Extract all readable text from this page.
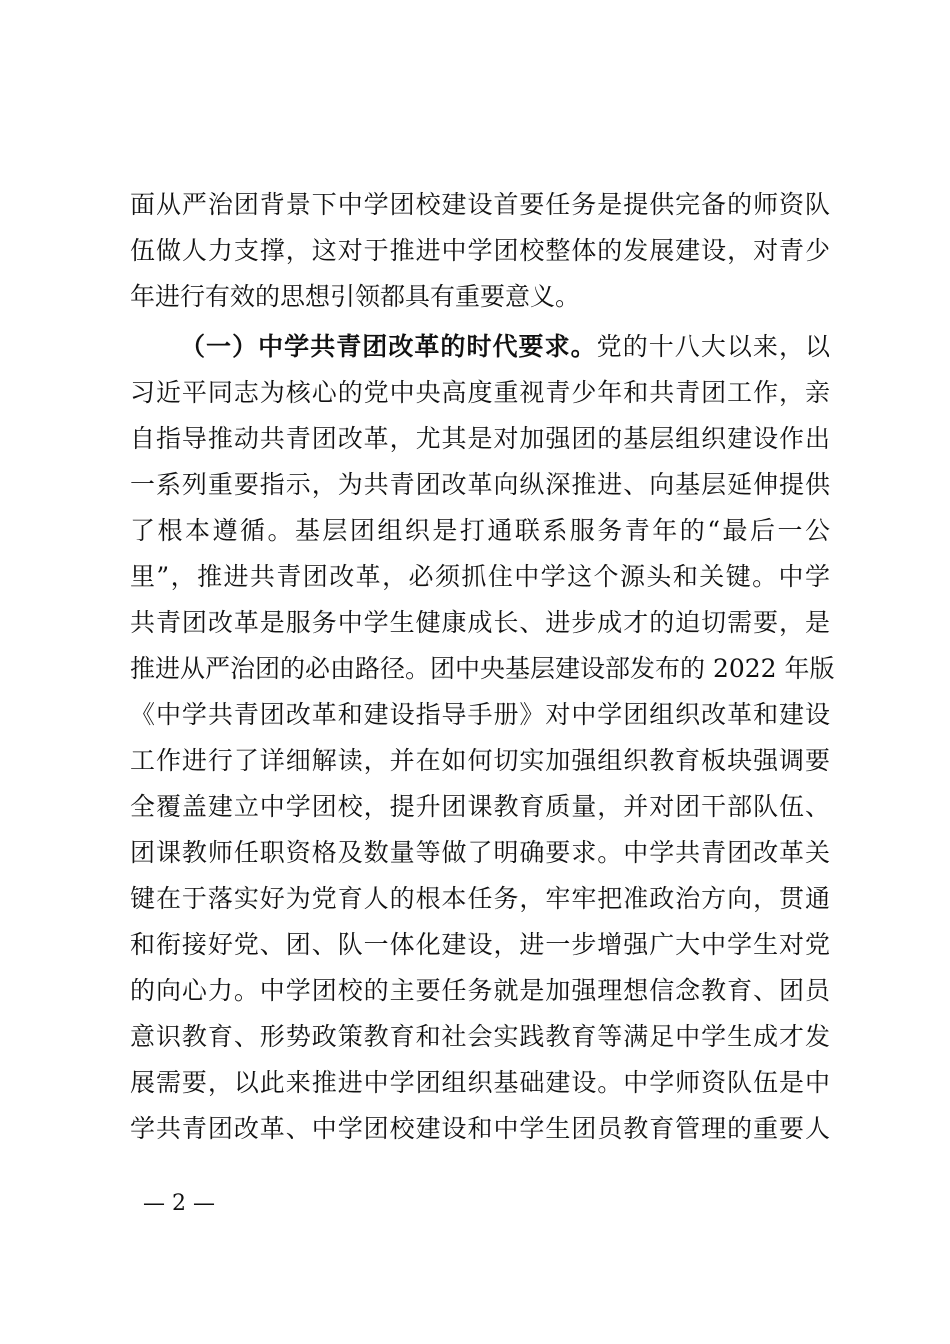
面从严治团背景下中学团校建设首要任务是提供完备的师资队
伍做人力支撑，这对于推进中学团校整体的发展建设，对青少
年进行有效的思想引领都具有重要意义。
（一）中学共青团改革的时代要求。党的十八大以来，以
习近平同志为核心的党中央高度重视青少年和共青团工作，亲
自指导推动共青团改革，尤其是对加强团的基层组织建设作出
一系列重要指示，为共青团改革向纵深推进、向基层延伸提供
了根本遵循。基层团组织是打通联系服务青年的“最后一公
里”，推进共青团改革，必须抓住中学这个源头和关键。中学
共青团改革是服务中学生健康成长、进步成才的迫切需要，是
推进从严治团的必由路径。团中央基层建设部发布的 2022 年版
《中学共青团改革和建设指导手册》对中学团组织改革和建设
工作进行了详细解读，并在如何切实加强组织教育板块强调要
全覆盖建立中学团校，提升团课教育质量，并对团干部队伍、
团课教师任职资格及数量等做了明确要求。中学共青团改革关
键在于落实好为党育人的根本任务，牢牢把准政治方向，贯通
和衔接好党、团、队一体化建设，进一步增强广大中学生对党
的向心力。中学团校的主要任务就是加强理想信念教育、团员
意识教育、形势政策教育和社会实践教育等满足中学生成才发
展需要，以此来推进中学团组织基础建设。中学师资队伍是中
学共青团改革、中学团校建设和中学生团员教育管理的重要人
— 2 —
